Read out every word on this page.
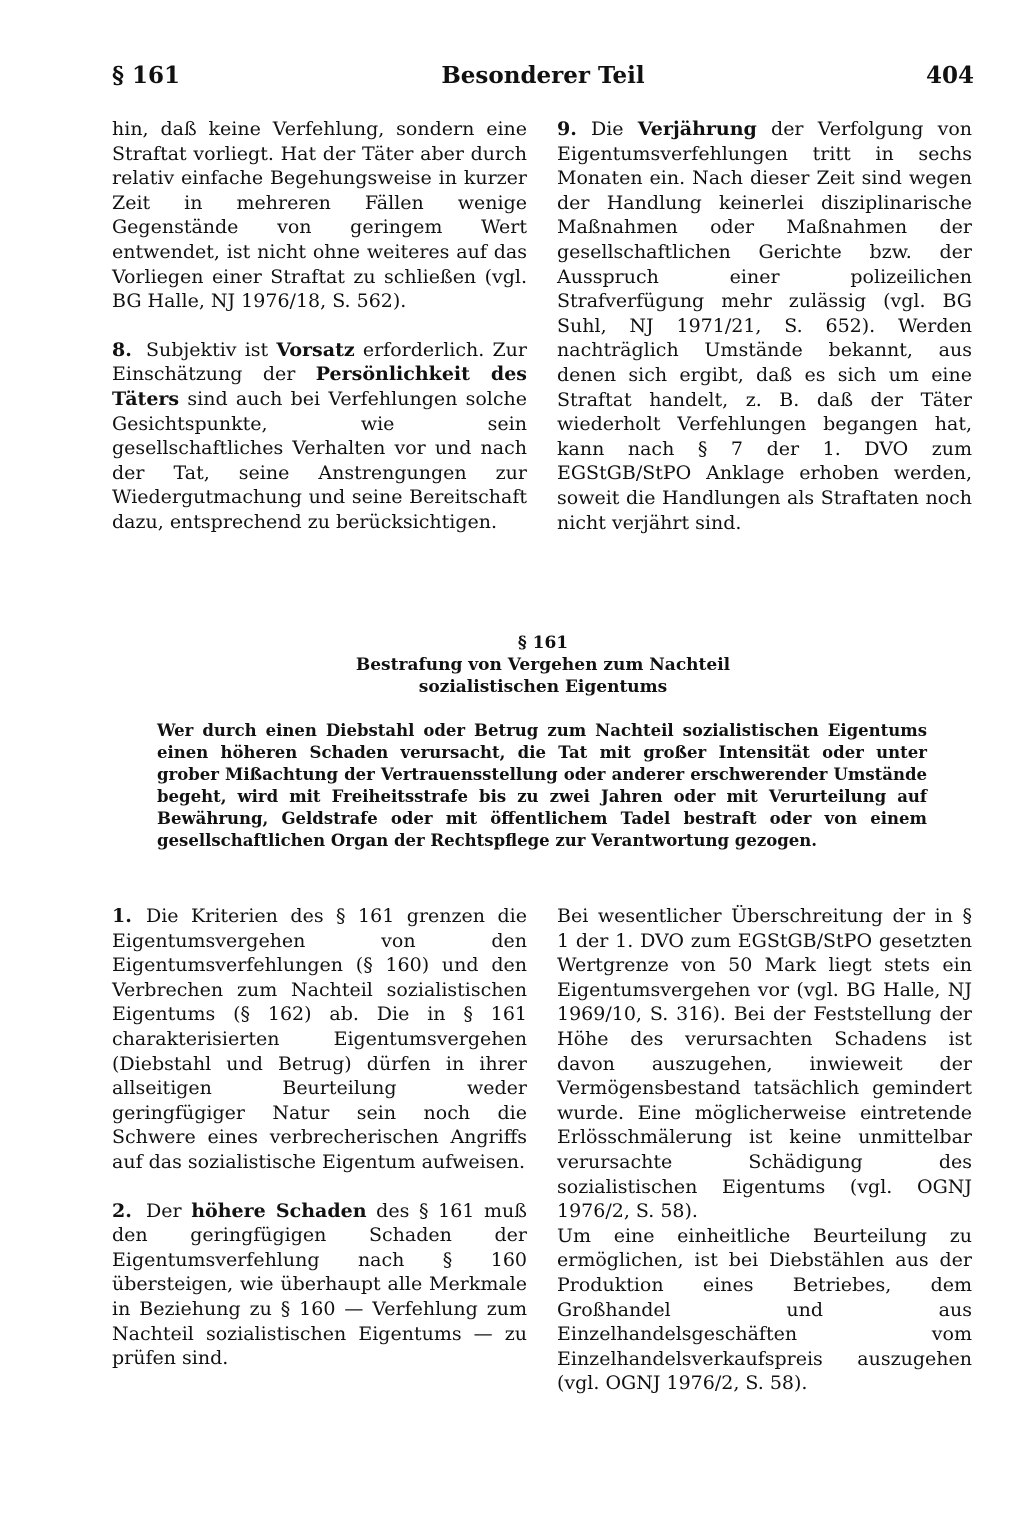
§ 161	Besonderer Teil	404

hin, daß keine Verfehlung, sondern eine Straftat vorliegt. Hat der Täter aber durch relativ einfache Begehungsweise in kurzer Zeit in mehreren Fällen wenige Gegenstände von geringem Wert entwendet, ist nicht ohne weiteres auf das Vorliegen einer Straftat zu schließen (vgl. BG Halle, NJ 1976/18, S. 562).

8. Subjektiv ist Vorsatz erforderlich. Zur Einschätzung der Persönlichkeit des Täters sind auch bei Verfehlungen solche Gesichtspunkte, wie sein gesellschaftliches Verhalten vor und nach der Tat, seine Anstrengungen zur Wiedergutmachung und seine Bereitschaft dazu, entsprechend zu berücksichtigen.

9. Die Verjährung der Verfolgung von Eigentumsverfehlungen tritt in sechs Monaten ein. Nach dieser Zeit sind wegen der Handlung keinerlei disziplinarische Maßnahmen oder Maßnahmen der gesellschaftlichen Gerichte bzw. der Ausspruch einer polizeilichen Strafverfügung mehr zulässig (vgl. BG Suhl, NJ 1971/21, S. 652). Werden nachträglich Umstände bekannt, aus denen sich ergibt, daß es sich um eine Straftat handelt, z. B. daß der Täter wiederholt Verfehlungen begangen hat, kann nach § 7 der 1. DVO zum EGStGB/StPO Anklage erhoben werden, soweit die Handlungen als Straftaten noch nicht verjährt sind.

§ 161
Bestrafung von Vergehen zum Nachteil
sozialistischen Eigentums
Wer durch einen Diebstahl oder Betrug zum Nachteil sozialistischen Eigentums einen höheren Schaden verursacht, die Tat mit großer Intensität oder unter grober Mißachtung der Vertrauensstellung oder anderer erschwerender Umstände begeht, wird mit Freiheitsstrafe bis zu zwei Jahren oder mit Verurteilung auf Bewährung, Geldstrafe oder mit öffentlichem Tadel bestraft oder von einem gesellschaftlichen Organ der Rechtspflege zur Verantwortung gezogen.

1. Die Kriterien des § 161 grenzen die Eigentumsvergehen von den Eigentumsverfehlungen (§ 160) und den Verbrechen zum Nachteil sozialistischen Eigentums (§ 162) ab. Die in § 161 charakterisierten Eigentumsvergehen (Diebstahl und Betrug) dürfen in ihrer allseitigen Beurteilung weder geringfügiger Natur sein noch die Schwere eines verbrecherischen Angriffs auf das sozialistische Eigentum aufweisen.

2. Der höhere Schaden des § 161 muß den geringfügigen Schaden der Eigentumsverfehlung nach § 160 übersteigen, wie überhaupt alle Merkmale in Beziehung zu § 160 — Verfehlung zum Nachteil sozialistischen Eigentums — zu prüfen sind.

Bei wesentlicher Überschreitung der in § 1 der 1. DVO zum EGStGB/StPO gesetzten Wertgrenze von 50 Mark liegt stets ein Eigentumsvergehen vor (vgl. BG Halle, NJ 1969/10, S. 316). Bei der Feststellung der Höhe des verursachten Schadens ist davon auszugehen, inwieweit der Vermögensbestand tatsächlich gemindert wurde. Eine möglicherweise eintretende Erlösschmälerung ist keine unmittelbar verursachte Schädigung des sozialistischen Eigentums (vgl. OGNJ 1976/2, S. 58).

Um eine einheitliche Beurteilung zu ermöglichen, ist bei Diebstählen aus der Produktion eines Betriebes, dem Großhandel und aus Einzelhandelsgeschäften vom Einzelhandelsverkaufspreis auszugehen (vgl. OGNJ 1976/2, S. 58).
